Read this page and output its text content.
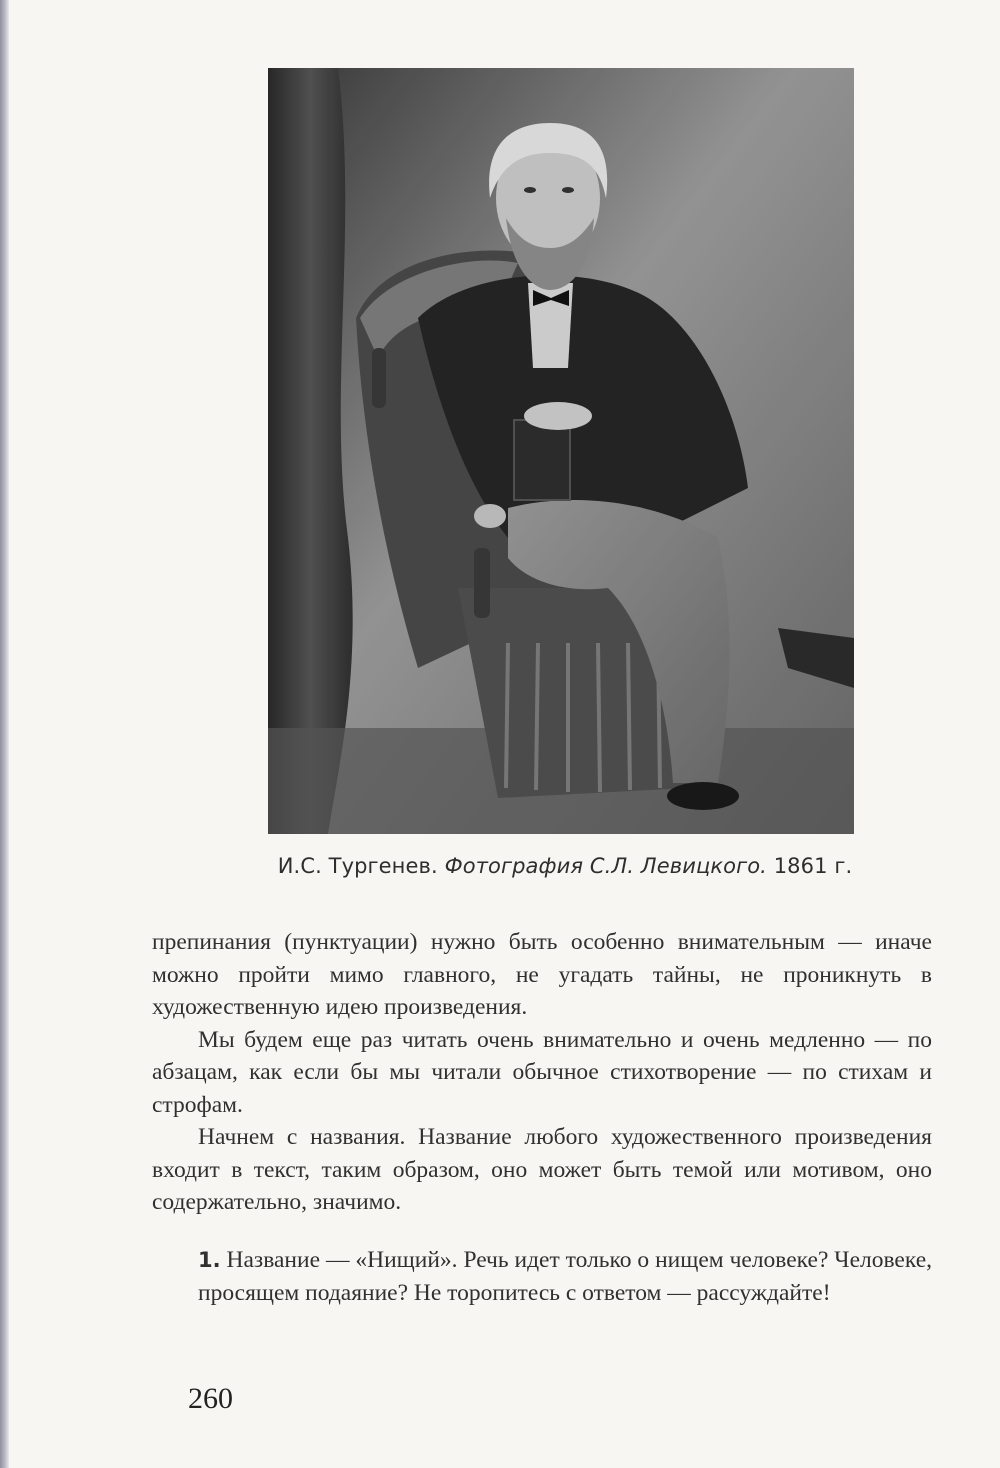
И.С. Тургенев. Фотография С.Л. Левицкого. 1861 г.

препинания (пунктуации) нужно быть особенно внимательным — иначе можно пройти мимо главного, не угадать тайны, не проникнуть в художественную идею произведения.

Мы будем еще раз читать очень внимательно и очень медленно — по абзацам, как если бы мы читали обычное стихотворение — по стихам и строфам.

Начнем с названия. Название любого художественного произведения входит в текст, таким образом, оно может быть темой или мотивом, оно содержательно, значимо.

1. Название — «Нищий». Речь идет только о нищем человеке? Человеке, просящем подаяние? Не торопитесь с ответом — рассуждайте!
260
